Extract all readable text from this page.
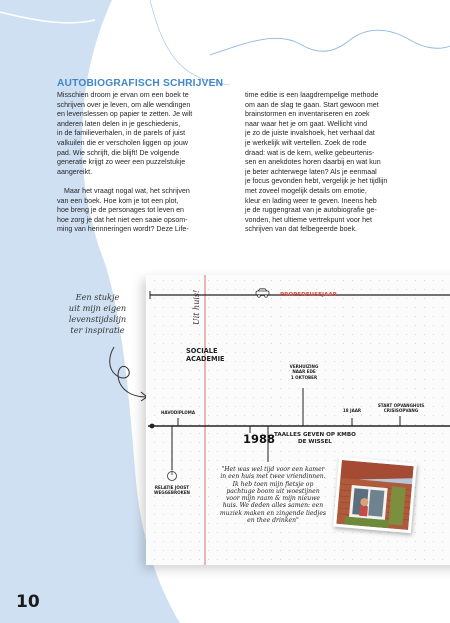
AUTOBIOGRAFISCH SCHRIJVEN

Misschien droom je ervan om een boek te
schrijven over je leven, om alle wendingen
en levenslessen op papier te zetten. Je wilt
anderen laten delen in je geschiedenis,
in de familieverhalen, in de parels of juist
valkuilen die er verscholen liggen op jouw
pad. Wie schrijft, die blijft! De volgende
generatie krijgt zo weer een puzzelstukje
aangereikt.

Maar het vraagt nogal wat, het schrijven
van een boek. Hoe kom je tot een plot,
hoe breng je de personages tot leven en
hoe zorg je dat het niet een saaie opsom-
ming van herinneringen wordt? Deze Life-

time editie is een laagdrempelige methode
om aan de slag te gaan. Start gewoon met
brainstormen en inventariseren en zoek
naar waar het je om gaat. Wellicht vind
je zo de juiste invalshoek, het verhaal dat
je werkelijk wilt vertellen. Zoek de rode
draad: wat is de kern, welke gebeurtenis-
sen en anekdotes horen daarbij en wat kun
je beter achterwege laten? Als je eenmaal
je focus gevonden hebt, vergelijk je het tijdlijn
met zoveel mogelijk details om emotie,
kleur en lading weer te geven. Ineens heb
je de ruggengraat van je autobiografie ge-
vonden, het ultieme vertrekpunt voor het
schrijven van dat felbegeerde boek.

Een stukje
uit mijn eigen
levenstijdslijn
ter inspiratie

PROPEDEUSEJAAR

Uit huis!

SOCIALE
ACADEMIE

VERHUIZING
NAAR EDE
1 OKTOBER

18 JAAR

HAVODIPLOMA

START OPVANGHUIS
CRISISOPVANG

RELATIE JOOST
WEGGEBROKEN

1988

TAALLES GEVEN OP KMBO
DE WISSEL

"Het was wel tijd voor een kamer
in een huis met twee vriendinnen.
Ik heb toen mijn fietsje op
pachtuge boom uit woestijnen
voor mijn raam & mijn nieuwe
huis. We deden alles samen: een
muziek maken en zingende liedjes
en thee drinken"

10
